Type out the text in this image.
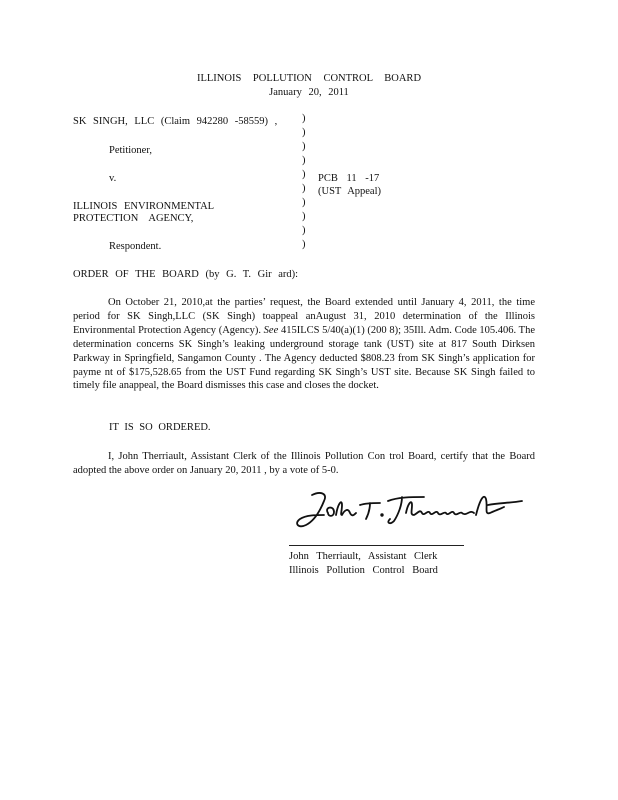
ILLINOIS POLLUTION CONTROL BOARD
January 20, 2011
SK SINGH, LLC (Claim 942280 -58559) ,
Petitioner,
v.
ILLINOIS ENVIRONMENTAL
PROTECTION AGENCY,
Respondent.
)
)
)
)
)
)
)
)
)
)
PCB 11 -17
(UST Appeal)
ORDER OF THE BOARD (by G. T. Gir ard):
On October 21, 2010,at the parties’ request, the Board extended until January 4, 2011, the time period for SK Singh,LLC (SK Singh) toappeal anAugust 31, 2010 determination of the Illinois Environmental Protection Agency (Agency). See 415ILCS 5/40(a)(1) (200 8); 35Ill. Adm. Code 105.406. The determination concerns SK Singh’s leaking underground storage tank (UST) site at 817 South Dirksen Parkway in Springfield, Sangamon County . The Agency deducted $808.23 from SK Singh’s application for payme nt of $175,528.65 from the UST Fund regarding SK Singh’s UST site. Because SK Singh failed to timely file anappeal, the Board dismisses this case and closes the docket.
IT IS SO ORDERED.
I, John Therriault, Assistant Clerk of the Illinois Pollution Con trol Board, certify that the Board adopted the above order on January 20, 2011 , by a vote of 5-0.
John Therriault, Assistant Clerk
Illinois Pollution Control Board
